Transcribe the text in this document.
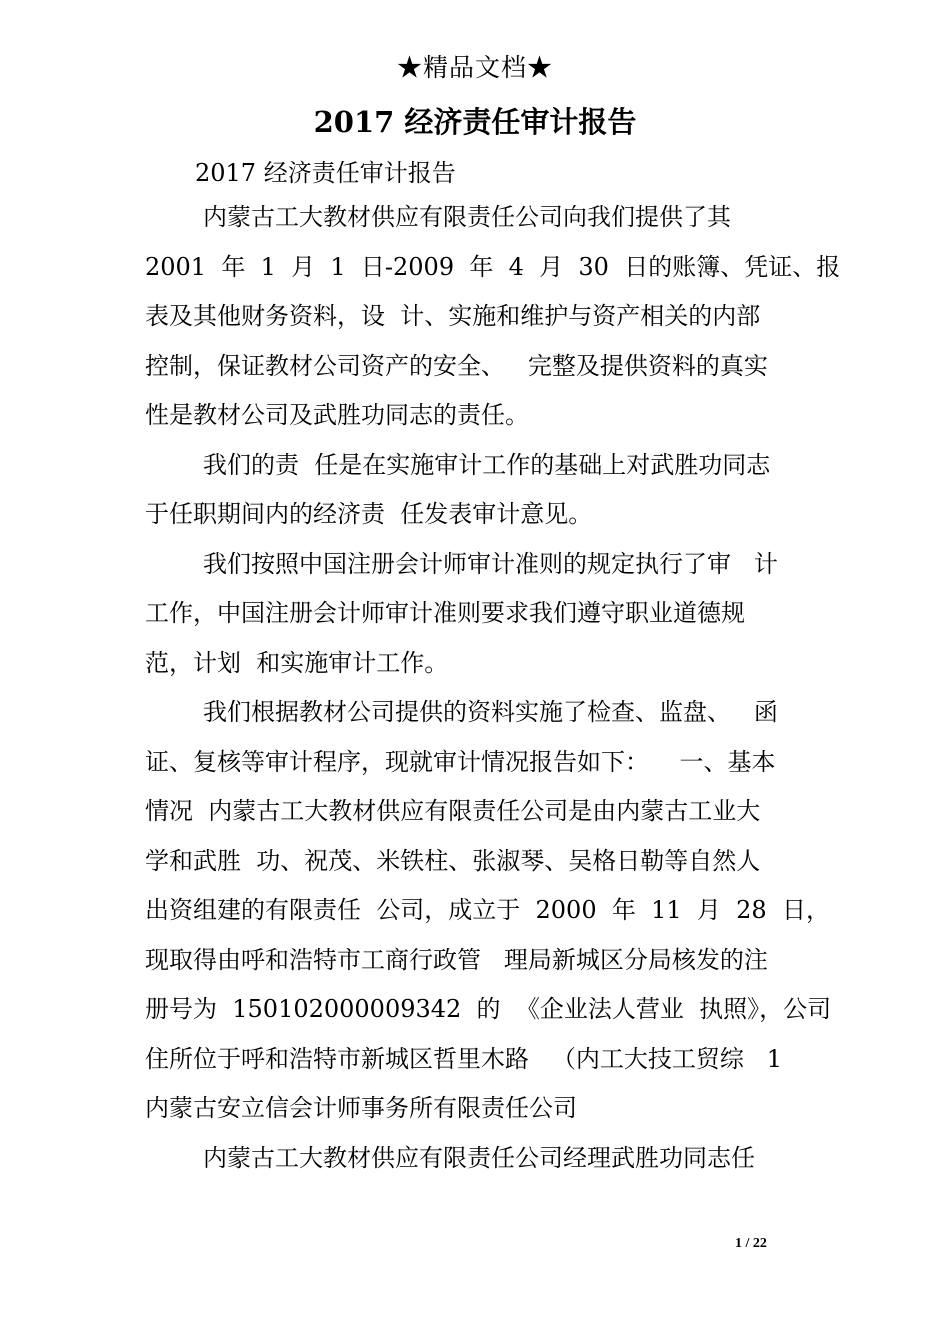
★精品文档★
2017 经济责任审计报告
2017 经济责任审计报告
内蒙古工大教材供应有限责任公司向我们提供了其
2001  年  1  月  1  日-2009  年  4  月  30  日的账簿、凭证、报
表及其他财务资料，设  计、实施和维护与资产相关的内部
控制，保证教材公司资产的安全、   完整及提供资料的真实
性是教材公司及武胜功同志的责任。
我们的责  任是在实施审计工作的基础上对武胜功同志
于任职期间内的经济责  任发表审计意见。
我们按照中国注册会计师审计准则的规定执行了审   计
工作，中国注册会计师审计准则要求我们遵守职业道德规
范，计划  和实施审计工作。
我们根据教材公司提供的资料实施了检查、监盘、   函
证、复核等审计程序，现就审计情况报告如下：    一、基本
情况  内蒙古工大教材供应有限责任公司是由内蒙古工业大
学和武胜  功、祝茂、米铁柱、张淑琴、吴格日勒等自然人
出资组建的有限责任  公司，成立于  2000  年  11  月  28  日，
现取得由呼和浩特市工商行政管   理局新城区分局核发的注
册号为  150102000009342  的  《企业法人营业  执照》，公司
住所位于呼和浩特市新城区哲里木路   （内工大技工贸综   1
内蒙古安立信会计师事务所有限责任公司
内蒙古工大教材供应有限责任公司经理武胜功同志任
1 / 22
